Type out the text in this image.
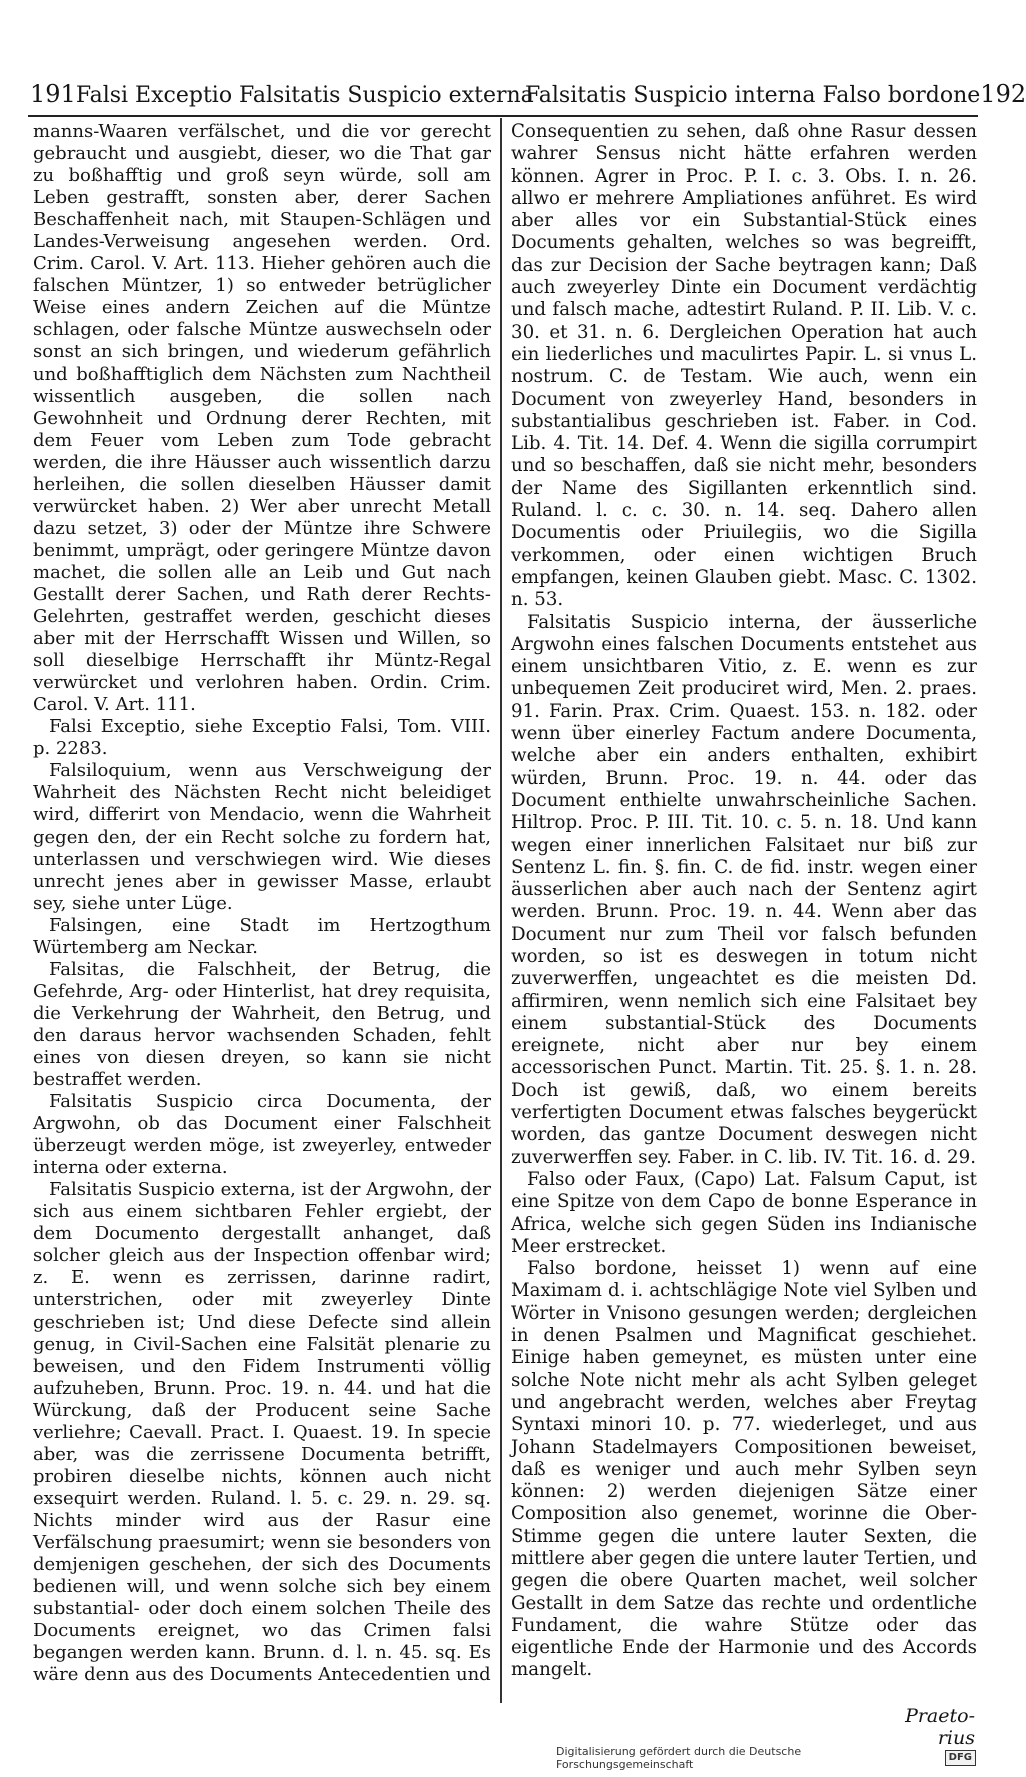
191 Falsi Exceptio Falsitatis Suspicio externa
Falsitatis Suspicio interna Falso bordone 192

manns-Waaren verfälschet, und die vor gerecht gebraucht und ausgiebt, dieser, wo die That gar zu boßhafftig und groß seyn würde, soll am Leben gestrafft, sonsten aber, derer Sachen Beschaffenheit nach, mit Staupen-Schlägen und Landes-Verweisung angesehen werden. Ord. Crim. Carol. V. Art. 113. Hieher gehören auch die falschen Müntzer, 1) so entweder betrüglicher Weise eines andern Zeichen auf die Müntze schlagen, oder falsche Müntze auswechseln oder sonst an sich bringen, und wiederum gefährlich und boßhafftiglich dem Nächsten zum Nachtheil wissentlich ausgeben, die sollen nach Gewohnheit und Ordnung derer Rechten, mit dem Feuer vom Leben zum Tode gebracht werden, die ihre Häusser auch wissentlich darzu herleihen, die sollen dieselben Häusser damit verwürcket haben. 2) Wer aber unrecht Metall dazu setzet, 3) oder der Müntze ihre Schwere benimmt, umprägt, oder geringere Müntze davon machet, die sollen alle an Leib und Gut nach Gestallt derer Sachen, und Rath derer Rechts-Gelehrten, gestraffet werden, geschicht dieses aber mit der Herrschafft Wissen und Willen, so soll dieselbige Herrschafft ihr Müntz-Regal verwürcket und verlohren haben. Ordin. Crim. Carol. V. Art. 111.

Falsi Exceptio, siehe Exceptio Falsi, Tom. VIII. p. 2283.

Falsiloquium, wenn aus Verschweigung der Wahrheit des Nächsten Recht nicht beleidiget wird, differirt von Mendacio, wenn die Wahrheit gegen den, der ein Recht solche zu fordern hat, unterlassen und verschwiegen wird. Wie dieses unrecht jenes aber in gewisser Masse, erlaubt sey, siehe unter Lüge.

Falsingen, eine Stadt im Hertzogthum Würtemberg am Neckar.

Falsitas, die Falschheit, der Betrug, die Gefehrde, Arg- oder Hinterlist, hat drey requisita, die Verkehrung der Wahrheit, den Betrug, und den daraus hervor wachsenden Schaden, fehlt eines von diesen dreyen, so kann sie nicht bestraffet werden.

Falsitatis Suspicio circa Documenta, der Argwohn, ob das Document einer Falschheit überzeugt werden möge, ist zweyerley, entweder interna oder externa.

Falsitatis Suspicio externa, ist der Argwohn, der sich aus einem sichtbaren Fehler ergiebt, der dem Documento dergestallt anhanget, daß solcher gleich aus der Inspection offenbar wird; z. E. wenn es zerrissen, darinne radirt, unterstrichen, oder mit zweyerley Dinte geschrieben ist; Und diese Defecte sind allein genug, in Civil-Sachen eine Falsität plenarie zu beweisen, und den Fidem Instrumenti völlig aufzuheben, Brunn. Proc. 19. n. 44. und hat die Würckung, daß der Producent seine Sache verliehre; Caevall. Pract. I. Quaest. 19. In specie aber, was die zerrissene Documenta betrifft, probiren dieselbe nichts, können auch nicht exsequirt werden. Ruland. l. 5. c. 29. n. 29. sq. Nichts minder wird aus der Rasur eine Verfälschung praesumirt; wenn sie besonders von demjenigen geschehen, der sich des Documents bedienen will, und wenn solche sich bey einem substantial- oder doch einem solchen Theile des Documents ereignet, wo das Crimen falsi begangen werden kann. Brunn. d. l. n. 45. sq. Es wäre denn aus des Documents Antecedentien und

Consequentien zu sehen, daß ohne Rasur dessen wahrer Sensus nicht hätte erfahren werden können. Agrer in Proc. P. I. c. 3. Obs. I. n. 26. allwo er mehrere Ampliationes anführet. Es wird aber alles vor ein Substantial-Stück eines Documents gehalten, welches so was begreifft, das zur Decision der Sache beytragen kann; Daß auch zweyerley Dinte ein Document verdächtig und falsch mache, adtestirt Ruland. P. II. Lib. V. c. 30. et 31. n. 6. Dergleichen Operation hat auch ein liederliches und maculirtes Papir. L. si vnus L. nostrum. C. de Testam. Wie auch, wenn ein Document von zweyerley Hand, besonders in substantialibus geschrieben ist. Faber. in Cod. Lib. 4. Tit. 14. Def. 4. Wenn die sigilla corrumpirt und so beschaffen, daß sie nicht mehr, besonders der Name des Sigillanten erkenntlich sind. Ruland. l. c. c. 30. n. 14. seq. Dahero allen Documentis oder Priuilegiis, wo die Sigilla verkommen, oder einen wichtigen Bruch empfangen, keinen Glauben giebt. Masc. C. 1302. n. 53.

Falsitatis Suspicio interna, der äusserliche Argwohn eines falschen Documents entstehet aus einem unsichtbaren Vitio, z. E. wenn es zur unbequemen Zeit produciret wird, Men. 2. praes. 91. Farin. Prax. Crim. Quaest. 153. n. 182. oder wenn über einerley Factum andere Documenta, welche aber ein anders enthalten, exhibirt würden, Brunn. Proc. 19. n. 44. oder das Document enthielte unwahrscheinliche Sachen. Hiltrop. Proc. P. III. Tit. 10. c. 5. n. 18. Und kann wegen einer innerlichen Falsitaet nur biß zur Sentenz L. fin. §. fin. C. de fid. instr. wegen einer äusserlichen aber auch nach der Sentenz agirt werden. Brunn. Proc. 19. n. 44. Wenn aber das Document nur zum Theil vor falsch befunden worden, so ist es deswegen in totum nicht zuverwerffen, ungeachtet es die meisten Dd. affirmiren, wenn nemlich sich eine Falsitaet bey einem substantial-Stück des Documents ereignete, nicht aber nur bey einem accessorischen Punct. Martin. Tit. 25. §. 1. n. 28. Doch ist gewiß, daß, wo einem bereits verfertigten Document etwas falsches beygerückt worden, das gantze Document deswegen nicht zuverwerffen sey. Faber. in C. lib. IV. Tit. 16. d. 29.

Falso oder Faux, (Capo) Lat. Falsum Caput, ist eine Spitze von dem Capo de bonne Esperance in Africa, welche sich gegen Süden ins Indianische Meer erstrecket.

Falso bordone, heisset 1) wenn auf eine Maximam d. i. achtschlägige Note viel Sylben und Wörter in Vnisono gesungen werden; dergleichen in denen Psalmen und Magnificat geschiehet. Einige haben gemeynet, es müsten unter eine solche Note nicht mehr als acht Sylben geleget und angebracht werden, welches aber Freytag Syntaxi minori 10. p. 77. wiederleget, und aus Johann Stadelmayers Compositionen beweiset, daß es weniger und auch mehr Sylben seyn können: 2) werden diejenigen Sätze einer Composition also genemet, worinne die Ober-Stimme gegen die untere lauter Sexten, die mittlere aber gegen die untere lauter Tertien, und gegen die obere Quarten machet, weil solcher Gestallt in dem Satze das rechte und ordentliche Fundament, die wahre Stütze oder das eigentliche Ende der Harmonie und des Accords mangelt.

Praeto-rius
Digitalisierung gefördert durch die Deutsche Forschungsgemeinschaft
DFG
